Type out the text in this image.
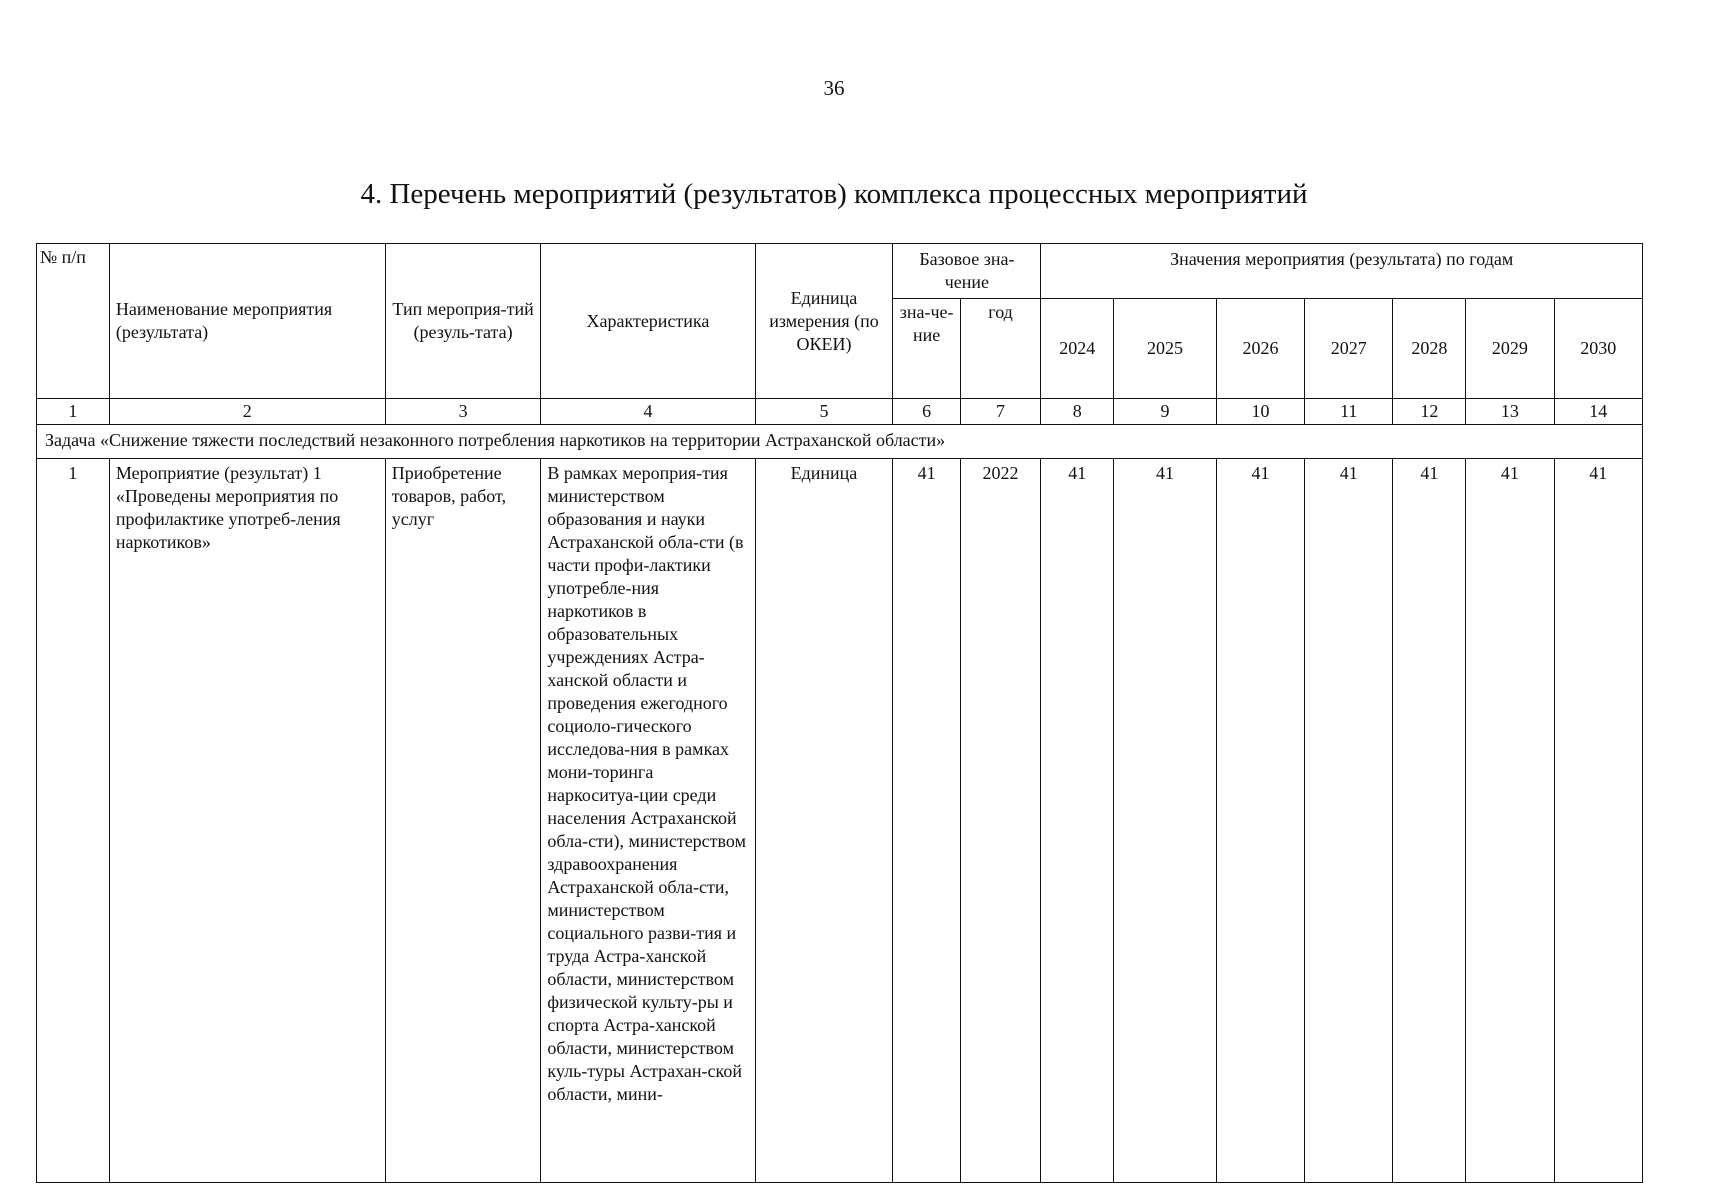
36
4. Перечень мероприятий (результатов) комплекса процессных мероприятий
№ п/п	Наименование мероприятия (результата)	Тип мероприя-тий (резуль-тата)	Характеристика	Единица измерения (по ОКЕИ)	Базовое зна-чение		Значения мероприятия (результата) по годам						
					зна-че-ние	год	2024	2025	2026	2027	2028	2029	2030
1	2	3	4	5	6	7	8	9	10	11	12	13	14
Задача «Снижение тяжести последствий незаконного потребления наркотиков на территории Астраханской области»													
1	Мероприятие (результат) 1 «Проведены мероприятия по профилактике употреб-ления наркотиков»	Приобретение товаров, работ, услуг	В рамках мероприя-тия министерством образования и науки Астраханской обла-сти (в части профи-лактики употребле-ния наркотиков в образовательных учреждениях Астра-ханской области и проведения ежегодного социоло-гического исследова-ния в рамках мони-торинга наркоситуа-ции среди населения Астраханской обла-сти), министерством здравоохранения Астраханской обла-сти, министерством социального разви-тия и труда Астра-ханской области, министерством физической культу-ры и спорта Астра-ханской области, министерством куль-туры Астрахан-ской области, мини-	Единица	41	2022	41	41	41	41	41	41	41
